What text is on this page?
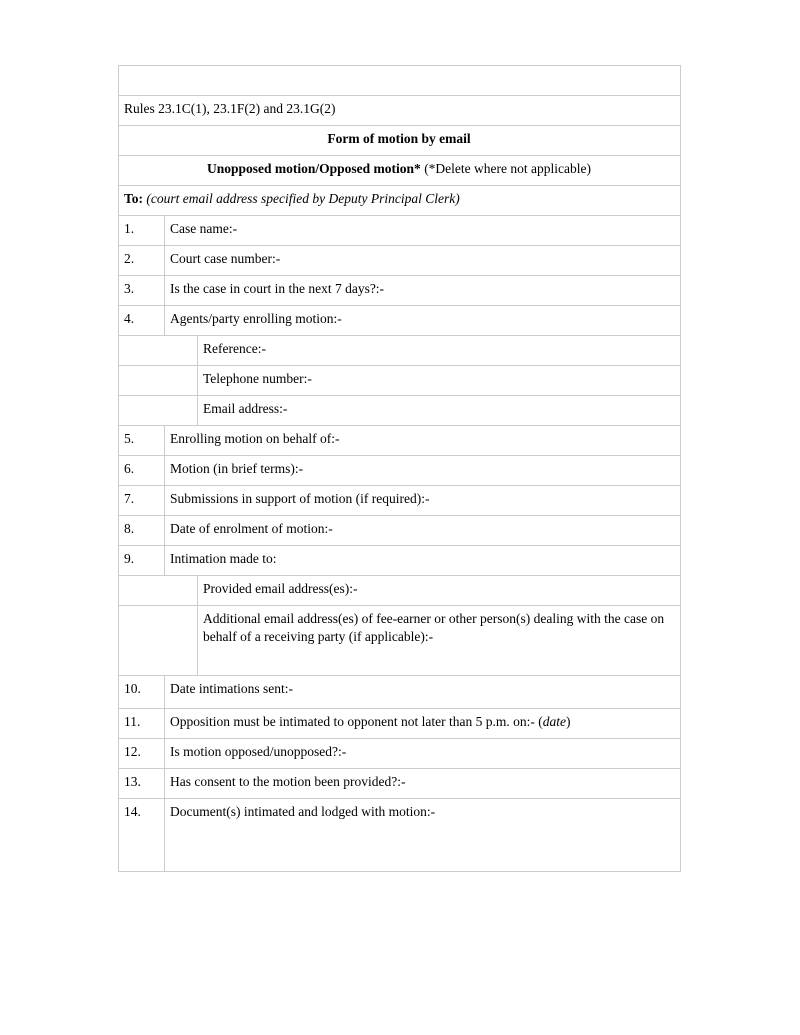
Rules 23.1C(1), 23.1F(2) and 23.1G(2)		
Form of motion by email		
Unopposed motion/Opposed motion* (*Delete where not applicable)		
To: (court email address specified by Deputy Principal Clerk)		
1.	Case name:-	
2.	Court case number:-	
3.	Is the case in court in the next 7 days?:-	
4.	Agents/party enrolling motion:-	
		Reference:-
		Telephone number:-
		Email address:-
5.	Enrolling motion on behalf of:-	
6.	Motion (in brief terms):-	
7.	Submissions in support of motion (if required):-	
8.	Date of enrolment of motion:-	
9.	Intimation made to:	
		Provided email address(es):-
		Additional email address(es) of fee-earner or other person(s) dealing with the case on behalf of a receiving party (if applicable):-
10.	Date intimations sent:-	
11.	Opposition must be intimated to opponent not later than 5 p.m. on:- (date)	
12.	Is motion opposed/unopposed?:-	
13.	Has consent to the motion been provided?:-	
14.	Document(s) intimated and lodged with motion:-	
